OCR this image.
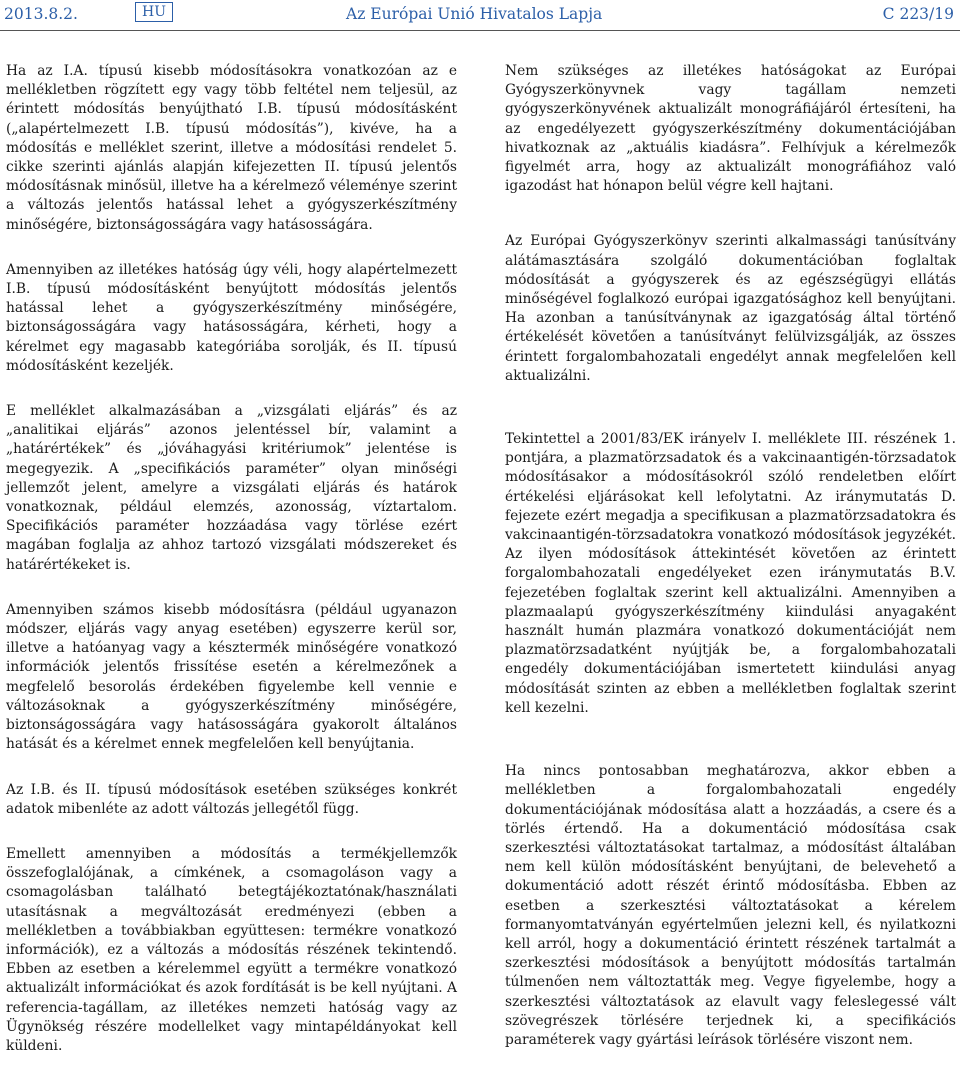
2013.8.2.	HU	Az Európai Unió Hivatalos Lapja	C 223/19

Ha az I.A. típusú kisebb módosításokra vonatkozóan az e mellékletben rögzített egy vagy több feltétel nem teljesül, az érintett módosítás benyújtható I.B. típusú módosításként („alapértelmezett I.B. típusú módosítás”), kivéve, ha a módosítás e melléklet szerint, illetve a módosítási rendelet 5. cikke szerinti ajánlás alapján kifejezetten II. típusú jelentős módosításnak minősül, illetve ha a kérelmező véleménye szerint a változás jelentős hatással lehet a gyógyszerkészítmény minőségére, biztonságosságára vagy hatásosságára.

Amennyiben az illetékes hatóság úgy véli, hogy alapértelmezett I.B. típusú módosításként benyújtott módosítás jelentős hatással lehet a gyógyszerkészítmény minőségére, biztonságosságára vagy hatásosságára, kérheti, hogy a kérelmet egy magasabb kategóriába sorolják, és II. típusú módosításként kezeljék.

E melléklet alkalmazásában a „vizsgálati eljárás” és az „analitikai eljárás” azonos jelentéssel bír, valamint a „határértékek” és „jóváhagyási kritériumok” jelentése is megegyezik. A „specifikációs paraméter” olyan minőségi jellemzőt jelent, amelyre a vizsgálati eljárás és határok vonatkoznak, például elemzés, azonosság, víztartalom. Specifikációs paraméter hozzáadása vagy törlése ezért magában foglalja az ahhoz tartozó vizsgálati módszereket és határértékeket is.

Amennyiben számos kisebb módosításra (például ugyanazon módszer, eljárás vagy anyag esetében) egyszerre kerül sor, illetve a hatóanyag vagy a késztermék minőségére vonatkozó információk jelentős frissítése esetén a kérelmezőnek a megfelelő besorolás érdekében figyelembe kell vennie e változásoknak a gyógyszerkészítmény minőségére, biztonságosságára vagy hatásosságára gyakorolt általános hatását és a kérelmet ennek megfelelően kell benyújtania.

Az I.B. és II. típusú módosítások esetében szükséges konkrét adatok mibenléte az adott változás jellegétől függ.

Emellett amennyiben a módosítás a termékjellemzők összefoglalójának, a címkének, a csomagoláson vagy a csomagolásban található betegtájékoztatónak/használati utasításnak a megváltozását eredményezi (ebben a mellékletben a továbbiakban együttesen: termékre vonatkozó információk), ez a változás a módosítás részének tekintendő. Ebben az esetben a kérelemmel együtt a termékre vonatkozó aktualizált információkat és azok fordítását is be kell nyújtani. A referencia-tagállam, az illetékes nemzeti hatóság vagy az Ügynökség részére modellelket vagy mintapéldányokat kell küldeni.

Nem szükséges az illetékes hatóságokat az Európai Gyógyszerkönyvnek vagy tagállam nemzeti gyógyszerkönyvének aktualizált monográfiájáról értesíteni, ha az engedélyezett gyógyszerkészítmény dokumentációjában hivatkoznak az „aktuális kiadásra”. Felhívjuk a kérelmezők figyelmét arra, hogy az aktualizált monográfiához való igazodást hat hónapon belül végre kell hajtani.

Az Európai Gyógyszerkönyv szerinti alkalmassági tanúsítvány alátámasztására szolgáló dokumentációban foglaltak módosítását a gyógyszerek és az egészségügyi ellátás minőségével foglalkozó európai igazgatósághoz kell benyújtani. Ha azonban a tanúsítványnak az igazgatóság által történő értékelését követően a tanúsítványt felülvizsgálják, az összes érintett forgalombahozatali engedélyt annak megfelelően kell aktualizálni.

Tekintettel a 2001/83/EK irányelv I. melléklete III. részének 1. pontjára, a plazmatörzsadatok és a vakcinaantigén-törzsadatok módosításakor a módosításokról szóló rendeletben előírt értékelési eljárásokat kell lefolytatni. Az iránymutatás D. fejezete ezért megadja a specifikusan a plazmatörzsadatokra és vakcinaantigén-törzsadatokra vonatkozó módosítások jegyzékét. Az ilyen módosítások áttekintését követően az érintett forgalombahozatali engedélyeket ezen iránymutatás B.V. fejezetében foglaltak szerint kell aktualizálni. Amennyiben a plazmaalapú gyógyszerkészítmény kiindulási anyagaként használt humán plazmára vonatkozó dokumentációját nem plazmatörzsadatként nyújtják be, a forgalombahozatali engedély dokumentációjában ismertetett kiindulási anyag módosítását szinten az ebben a mellékletben foglaltak szerint kell kezelni.

Ha nincs pontosabban meghatározva, akkor ebben a mellékletben a forgalombahozatali engedély dokumentációjának módosítása alatt a hozzáadás, a csere és a törlés értendő. Ha a dokumentáció módosítása csak szerkesztési változtatásokat tartalmaz, a módosítást általában nem kell külön módosításként benyújtani, de belevehető a dokumentáció adott részét érintő módosításba. Ebben az esetben a szerkesztési változtatásokat a kérelem formanyomtatványán egyértelműen jelezni kell, és nyilatkozni kell arról, hogy a dokumentáció érintett részének tartalmát a szerkesztési módosítások a benyújtott módosítás tartalmán túlmenően nem változtatták meg. Vegye figyelembe, hogy a szerkesztési változtatások az elavult vagy feleslegessé vált szövegrészek törlésére terjednek ki, a specifikációs paraméterek vagy gyártási leírások törlésére viszont nem.
